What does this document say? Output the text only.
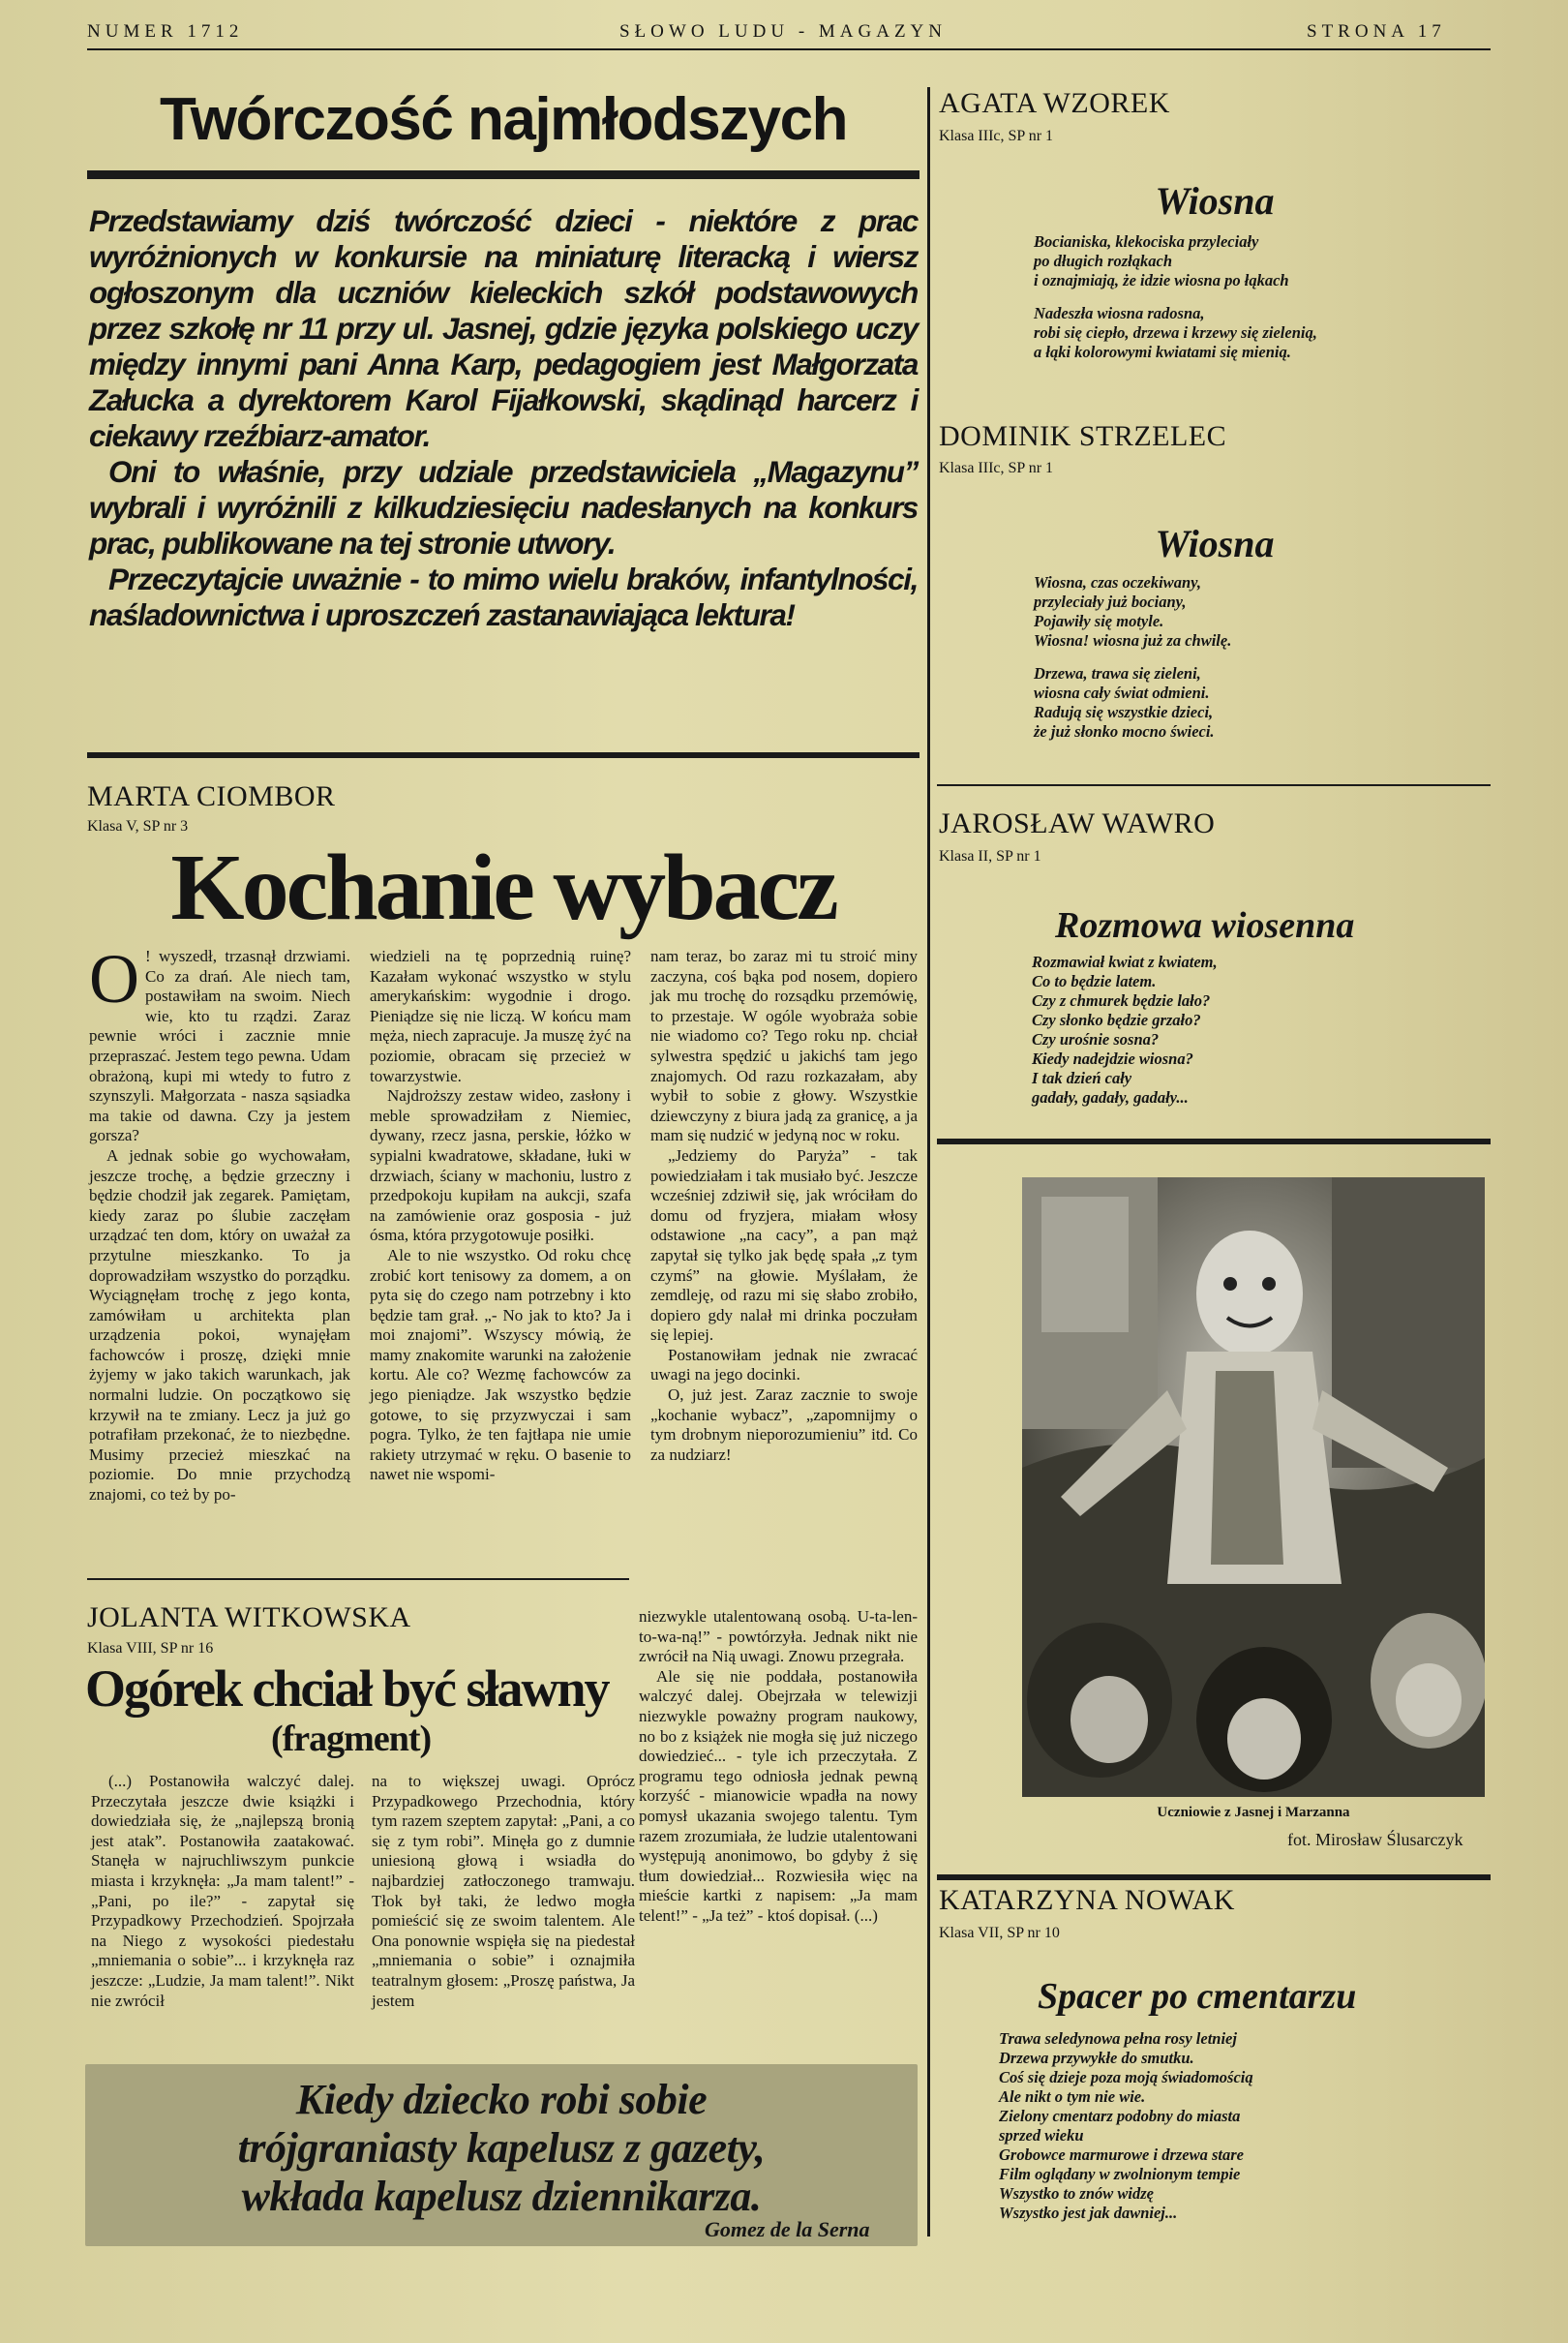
NUMER 1712	SŁOWO LUDU - MAGAZYN	STRONA 17
Twórczość najmłodszych
Przedstawiamy dziś twórczość dzieci - niektóre z prac wyróżnionych w konkursie na miniaturę literacką i wiersz ogłoszonym dla uczniów kieleckich szkół podstawowych przez szkołę nr 11 przy ul. Jasnej, gdzie języka polskiego uczy między innymi pani Anna Karp, pedagogiem jest Małgorzata Załucka a dyrektorem Karol Fijałkowski, skądinąd harcerz i ciekawy rzeźbiarz-amator.
Oni to właśnie, przy udziale przedstawiciela „Magazynu” wybrali i wyróżnili z kilkudziesięciu nadesłanych na konkurs prac, publikowane na tej stronie utwory.
Przeczytajcie uważnie - to mimo wielu braków, infantylności, naśladownictwa i uproszczeń zastanawiająca lektura!
MARTA CIOMBOR
Klasa V, SP nr 3
Kochanie wybacz

O ! wyszedł, trzasnął drzwiami. Co za drań. Ale niech tam, postawiłam na swoim. Niech wie, kto tu rządzi. Zaraz pewnie wróci i zacznie mnie przepraszać. Jestem tego pewna. Udam obrażoną, kupi mi wtedy to futro z szynszyli. Małgorzata - nasza sąsiadka ma takie od dawna. Czy ja jestem gorsza?

A jednak sobie go wychowałam, jeszcze trochę, a będzie grzeczny i będzie chodził jak zegarek. Pamiętam, kiedy zaraz po ślubie zaczęłam urządzać ten dom, który on uważał za przytulne mieszkanko. To ja doprowadziłam wszystko do porządku. Wyciągnęłam trochę z jego konta, zamówiłam u architekta plan urządzenia pokoi, wynajęłam fachowców i proszę, dzięki mnie żyjemy w jako takich warunkach, jak normalni ludzie. On początkowo się krzywił na te zmiany. Lecz ja już go potrafiłam przekonać, że to niezbędne. Musimy przecież mieszkać na poziomie. Do mnie przychodzą znajomi, co też by po-

wiedzieli na tę poprzednią ruinę? Kazałam wykonać wszystko w stylu amerykańskim: wygodnie i drogo. Pieniądze się nie liczą. W końcu mam męża, niech zapracuje. Ja muszę żyć na poziomie, obracam się przecież w towarzystwie.

Najdroższy zestaw wideo, zasłony i meble sprowadziłam z Niemiec, dywany, rzecz jasna, perskie, łóżko w sypialni kwadratowe, składane, łuki w drzwiach, ściany w machoniu, lustro z przedpokoju kupiłam na aukcji, szafa na zamówienie oraz gosposia - już ósma, która przygotowuje posiłki.

Ale to nie wszystko. Od roku chcę zrobić kort tenisowy za domem, a on pyta się do czego nam potrzebny i kto będzie tam grał. „- No jak to kto? Ja i moi znajomi”. Wszyscy mówią, że mamy znakomite warunki na założenie kortu. Ale co? Wezmę fachowców za jego pieniądze. Jak wszystko będzie gotowe, to się przyzwyczai i sam pogra. Tylko, że ten fajtłapa nie umie rakiety utrzymać w ręku. O basenie to nawet nie wspomi-

nam teraz, bo zaraz mi tu stroić miny zaczyna, coś bąka pod nosem, dopiero jak mu trochę do rozsądku przemówię, to przestaje. W ogóle wyobraża sobie nie wiadomo co? Tego roku np. chciał sylwestra spędzić u jakichś tam jego znajomych. Od razu rozkazałam, aby wybił to sobie z głowy. Wszystkie dziewczyny z biura jadą za granicę, a ja mam się nudzić w jedyną noc w roku.

„Jedziemy do Paryża” - tak powiedziałam i tak musiało być. Jeszcze wcześniej zdziwił się, jak wróciłam do domu od fryzjera, miałam włosy odstawione „na cacy”, a pan mąż zapytał się tylko jak będę spała „z tym czymś” na głowie. Myślałam, że zemdleję, od razu mi się słabo zrobiło, dopiero gdy nalał mi drinka poczułam się lepiej.

Postanowiłam jednak nie zwracać uwagi na jego docinki.

O, już jest. Zaraz zacznie to swoje „kochanie wybacz”, „zapomnijmy o tym drobnym nieporozumieniu” itd. Co za nudziarz!

JOLANTA WITKOWSKA
Klasa VIII, SP nr 16
Ogórek chciał być sławny
(fragment)

(...) Postanowiła walczyć dalej. Przeczytała jeszcze dwie książki i dowiedziała się, że „najlepszą bronią jest atak”. Postanowiła zaatakować. Stanęła w najruchliwszym punkcie miasta i krzyknęła: „Ja mam talent!” - „Pani, po ile?” - zapytał się Przypadkowy Przechodzień. Spojrzała na Niego z wysokości piedestału „mniemania o sobie”... i krzyknęła raz jeszcze: „Ludzie, Ja mam talent!”. Nikt nie zwrócił

na to większej uwagi. Oprócz Przypadkowego Przechodnia, który tym razem szeptem zapytał: „Pani, a co się z tym robi”. Minęła go z dumnie uniesioną głową i wsiadła do najbardziej zatłoczonego tramwaju. Tłok był taki, że ledwo mogła pomieścić się ze swoim talentem. Ale Ona ponownie wspięła się na piedestał „mniemania o sobie” i oznajmiła teatralnym głosem: „Proszę państwa, Ja jestem

niezwykle utalentowaną osobą. U-ta-len-to-wa-ną!” - powtórzyła. Jednak nikt nie zwrócił na Nią uwagi. Znowu przegrała.

Ale się nie poddała, postanowiła walczyć dalej. Obejrzała w telewizji niezwykle poważny program naukowy, no bo z książek nie mogła się już niczego dowiedzieć... - tyle ich przeczytała. Z programu tego odniosła jednak pewną korzyść - mianowicie wpadła na nowy pomysł ukazania swojego talentu. Tym razem zrozumiała, że ludzie utalentowani występują anonimowo, bo gdyby ż się tłum dowiedział... Rozwiesiła więc na mieście kartki z napisem: „Ja mam telent!” - „Ja też” - ktoś dopisał. (...)

Kiedy dziecko robi sobie
trójgraniasty kapelusz z gazety,
wkłada kapelusz dziennikarza.
Gomez de la Serna
AGATA WZOREK
Klasa IIIc, SP nr 1
Wiosna

Bocianiska, klekociska przyleciały
po długich rozłąkach
i oznajmiają, że idzie wiosna po łąkach

Nadeszła wiosna radosna,
robi się ciepło, drzewa i krzewy się zielenią,
a łąki kolorowymi kwiatami się mienią.

DOMINIK STRZELEC
Klasa IIIc, SP nr 1
Wiosna

Wiosna, czas oczekiwany,
przyleciały już bociany,
Pojawiły się motyle.
Wiosna! wiosna już za chwilę.

Drzewa, trawa się zieleni,
wiosna cały świat odmieni.
Radują się wszystkie dzieci,
że już słonko mocno świeci.

JAROSŁAW WAWRO
Klasa II, SP nr 1
Rozmowa wiosenna

Rozmawiał kwiat z kwiatem,
Co to będzie latem.
Czy z chmurek będzie lało?
Czy słonko będzie grzało?
Czy urośnie sosna?
Kiedy nadejdzie wiosna?
I tak dzień cały
gadały, gadały, gadały...

Uczniowie z Jasnej i Marzanna
fot. Mirosław Ślusarczyk
KATARZYNA NOWAK
Klasa VII, SP nr 10
Spacer po cmentarzu

Trawa seledynowa pełna rosy letniej
Drzewa przywykłe do smutku.
Coś się dzieje poza moją świadomością
Ale nikt o tym nie wie.
Zielony cmentarz podobny do miasta
sprzed wieku
Grobowce marmurowe i drzewa stare
Film oglądany w zwolnionym tempie
Wszystko to znów widzę
Wszystko jest jak dawniej...
